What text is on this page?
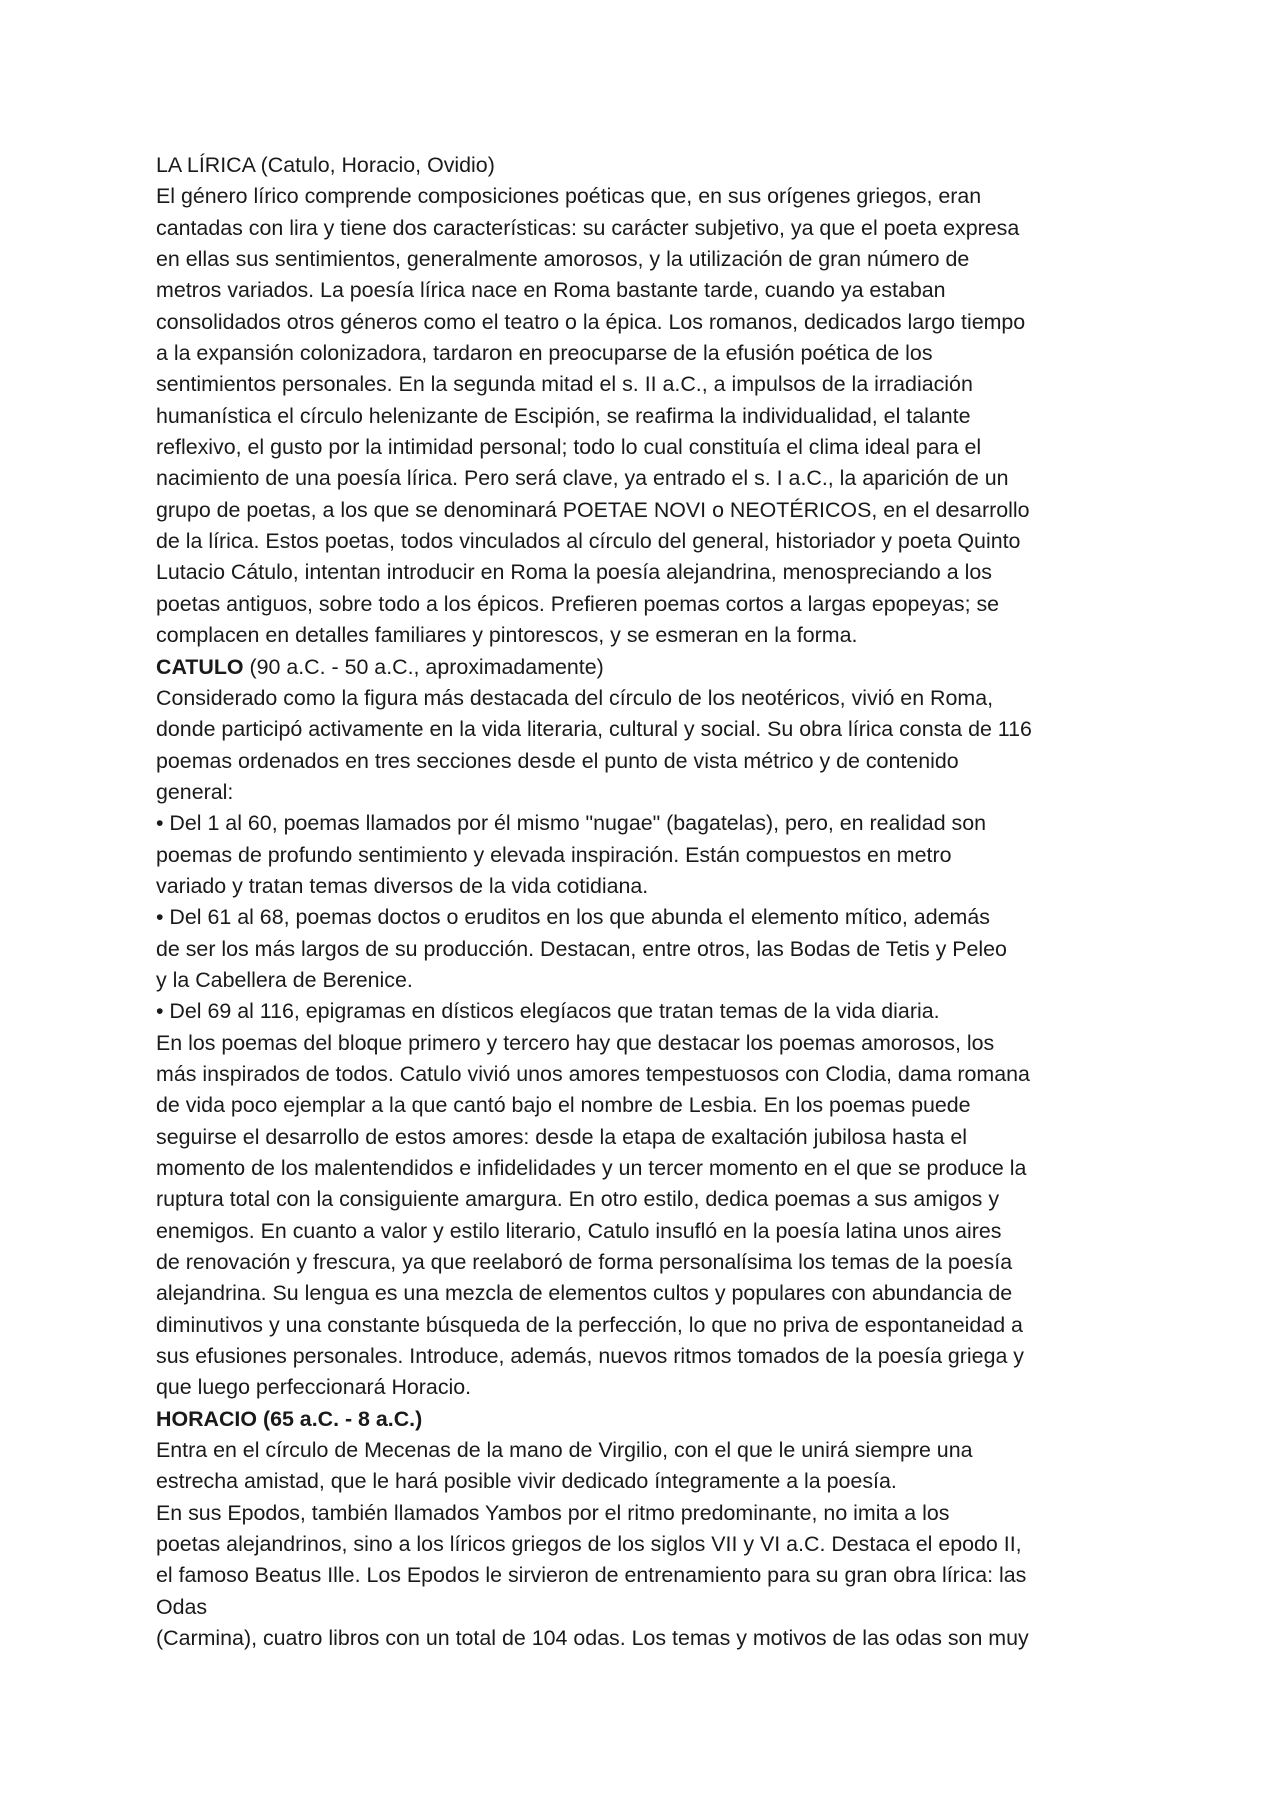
LA LÍRICA (Catulo, Horacio, Ovidio)
El género lírico comprende composiciones poéticas que, en sus orígenes griegos, eran
cantadas con lira y tiene dos características: su carácter subjetivo, ya que el poeta expresa
en ellas sus sentimientos, generalmente amorosos, y la utilización de gran número de
metros variados. La poesía lírica nace en Roma bastante tarde, cuando ya estaban
consolidados otros géneros como el teatro o la épica. Los romanos, dedicados largo tiempo
a la expansión colonizadora, tardaron en preocuparse de la efusión poética de los
sentimientos personales. En la segunda mitad el s. II a.C., a impulsos de la irradiación
humanística el círculo helenizante de Escipión, se reafirma la individualidad, el talante
reflexivo, el gusto por la intimidad personal; todo lo cual constituía el clima ideal para el
nacimiento de una poesía lírica. Pero será clave, ya entrado el s. I a.C., la aparición de un
grupo de poetas, a los que se denominará POETAE NOVI o NEOTÉRICOS, en el desarrollo
de la lírica. Estos poetas, todos vinculados al círculo del general, historiador y poeta Quinto
Lutacio Cátulo, intentan introducir en Roma la poesía alejandrina, menospreciando a los
poetas antiguos, sobre todo a los épicos. Prefieren poemas cortos a largas epopeyas; se
complacen en detalles familiares y pintorescos, y se esmeran en la forma.
CATULO (90 a.C. - 50 a.C., aproximadamente)
Considerado como la figura más destacada del círculo de los neotéricos, vivió en Roma,
donde participó activamente en la vida literaria, cultural y social. Su obra lírica consta de 116
poemas ordenados en tres secciones desde el punto de vista métrico y de contenido
general:
• Del 1 al 60, poemas llamados por él mismo "nugae" (bagatelas), pero, en realidad son
poemas de profundo sentimiento y elevada inspiración. Están compuestos en metro
variado y tratan temas diversos de la vida cotidiana.
• Del 61 al 68, poemas doctos o eruditos en los que abunda el elemento mítico, además
de ser los más largos de su producción. Destacan, entre otros, las Bodas de Tetis y Peleo
y la Cabellera de Berenice.
• Del 69 al 116, epigramas en dísticos elegíacos que tratan temas de la vida diaria.
En los poemas del bloque primero y tercero hay que destacar los poemas amorosos, los
más inspirados de todos. Catulo vivió unos amores tempestuosos con Clodia, dama romana
de vida poco ejemplar a la que cantó bajo el nombre de Lesbia. En los poemas puede
seguirse el desarrollo de estos amores: desde la etapa de exaltación jubilosa hasta el
momento de los malentendidos e infidelidades y un tercer momento en el que se produce la
ruptura total con la consiguiente amargura. En otro estilo, dedica poemas a sus amigos y
enemigos. En cuanto a valor y estilo literario, Catulo insufló en la poesía latina unos aires
de renovación y frescura, ya que reelaboró de forma personalísima los temas de la poesía
alejandrina. Su lengua es una mezcla de elementos cultos y populares con abundancia de
diminutivos y una constante búsqueda de la perfección, lo que no priva de espontaneidad a
sus efusiones personales. Introduce, además, nuevos ritmos tomados de la poesía griega y
que luego perfeccionará Horacio.
HORACIO (65 a.C. - 8 a.C.)
Entra en el círculo de Mecenas de la mano de Virgilio, con el que le unirá siempre una
estrecha amistad, que le hará posible vivir dedicado íntegramente a la poesía.
En sus Epodos, también llamados Yambos por el ritmo predominante, no imita a los
poetas alejandrinos, sino a los líricos griegos de los siglos VII y VI a.C. Destaca el epodo II,
el famoso Beatus Ille. Los Epodos le sirvieron de entrenamiento para su gran obra lírica: las
Odas
(Carmina), cuatro libros con un total de 104 odas. Los temas y motivos de las odas son muy
